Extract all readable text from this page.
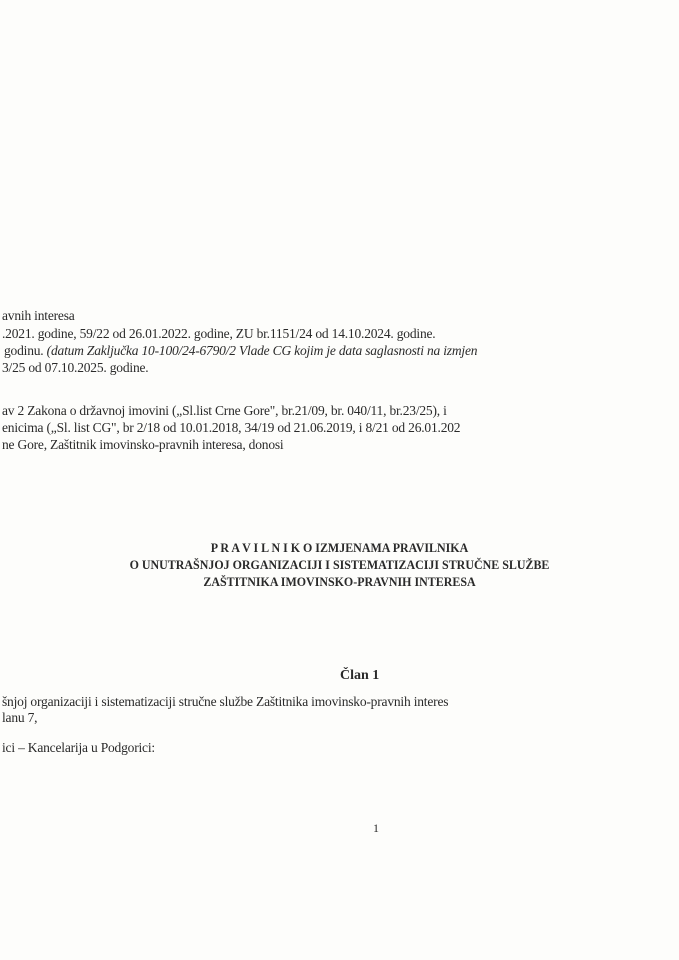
avnih interesa
.2021. godine, 59/22 od 26.01.2022. godine, ZU br.1151/24 od 14.10.2024. godine.
godinu. (datum Zaključka 10-100/24-6790/2 Vlade CG kojim je data saglasnosti na izmjen
3/25 od 07.10.2025. godine.
av 2 Zakona o državnoj imovini („Sl.list Crne Gore", br.21/09, br. 040/11, br.23/25), i
enicima („Sl. list CG", br 2/18 od 10.01.2018, 34/19 od 21.06.2019, i 8/21 od 26.01.202
ne Gore, Zaštitnik imovinsko-pravnih interesa, donosi
P R A V I L N I K O IZMJENAMA PRAVILNIKA
O UNUTRAŠNJOJ ORGANIZACIJI I SISTEMATIZACIJI STRUČNE SLUŽBE
ZAŠTITNIKA IMOVINSKO-PRAVNIH INTERESA
Član 1
šnjoj organizaciji i sistematizaciji stručne službe Zaštitnika imovinsko-pravnih interes
lanu 7,
ici – Kancelarija u Podgorici:
1
